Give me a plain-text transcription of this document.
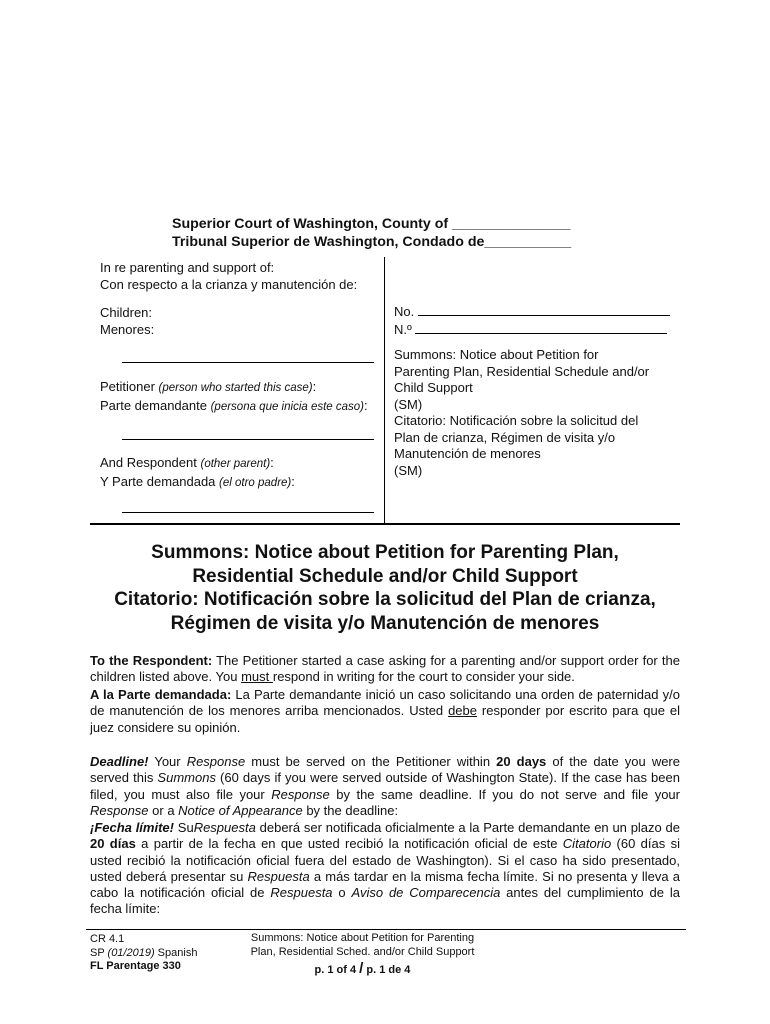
Superior Court of Washington, County of _______________
Tribunal Superior de Washington, Condado de___________
In re parenting and support of:
Con respecto a la crianza y manutención de:
Children:
Menores:
Petitioner (person who started this case):
Parte demandante (persona que inicia este caso):
And Respondent (other parent):
Y Parte demandada (el otro padre):
No.
N.º
Summons: Notice about Petition for
Parenting Plan, Residential Schedule and/or
Child Support
(SM)
Citatorio: Notificación sobre la solicitud del
Plan de crianza, Régimen de visita y/o
Manutención de menores
(SM)
Summons: Notice about Petition for Parenting Plan,
Residential Schedule and/or Child Support
Citatorio: Notificación sobre la solicitud del Plan de crianza,
Régimen de visita y/o Manutención de menores
To the Respondent: The Petitioner started a case asking for a parenting and/or support order for the children listed above. You must respond in writing for the court to consider your side.
A la Parte demandada: La Parte demandante inició un caso solicitando una orden de paternidad y/o de manutención de los menores arriba mencionados. Usted debe responder por escrito para que el juez considere su opinión.
Deadline! Your Response must be served on the Petitioner within 20 days of the date you were served this Summons (60 days if you were served outside of Washington State). If the case has been filed, you must also file your Response by the same deadline. If you do not serve and file your Response or a Notice of Appearance by the deadline:
¡Fecha límite! SuRespuesta deberá ser notificada oficialmente a la Parte demandante en un plazo de 20 días a partir de la fecha en que usted recibió la notificación oficial de este Citatorio (60 días si usted recibió la notificación oficial fuera del estado de Washington). Si el caso ha sido presentado, usted deberá presentar su Respuesta a más tardar en la misma fecha límite. Si no presenta y lleva a cabo la notificación oficial de Respuesta o Aviso de Comparecencia antes del cumplimiento de la fecha límite:
CR 4.1
SP (01/2019) Spanish
FL Parentage 330
Summons: Notice about Petition for Parenting
Plan, Residential Sched. and/or Child Support
p. 1 of 4 / p. 1 de 4
